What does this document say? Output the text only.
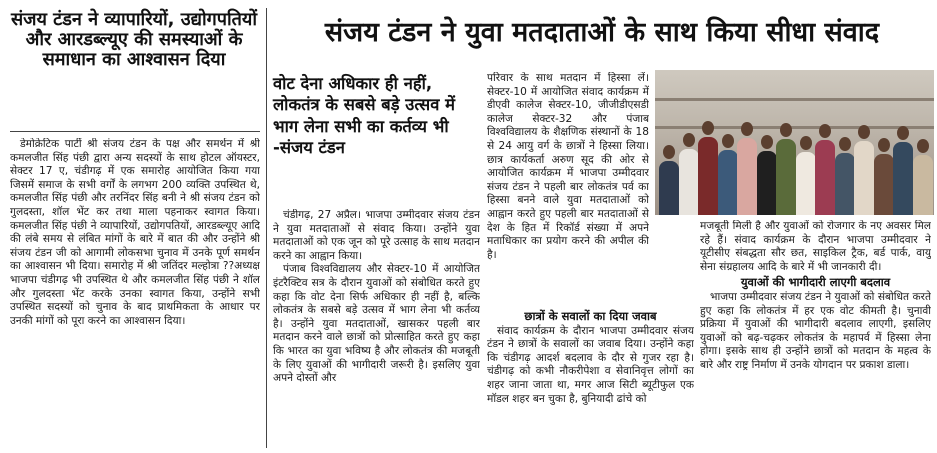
संजय टंडन ने व्यापारियों, उद्योगपतियों और आरडब्ल्यूए की समस्याओं के समाधान का आश्वासन दिया

डेमोक्रेटिक पार्टी श्री संजय टंडन के पक्ष और समर्थन में श्री कमलजीत सिंह पंछी द्वारा अन्य सदस्यों के साथ होटल ऑयस्टर, सेक्टर 17 ए, चंडीगढ़ में एक समारोह आयोजित किया गया जिसमें समाज के सभी वर्गों के लगभग 200 व्यक्ति उपस्थित थे, कमलजीत सिंह पंछी और तरनिंदर सिंह बनी ने श्री संजय टंडन को गुलदस्ता, शॉल भेंट कर तथा माला पहनाकर स्वागत किया। कमलजीत सिंह पंछी ने व्यापारियों, उद्योगपतियों, आरडब्ल्यूए आदि की लंबे समय से लंबित मांगों के बारे में बात की और उन्होंने श्री संजय टंडन जी को आगामी लोकसभा चुनाव में उनके पूर्ण समर्थन का आश्वासन भी दिया। समारोह में श्री जतिंदर मल्होत्रा ??अध्यक्ष भाजपा चंडीगढ़ भी उपस्थित थे और कमलजीत सिंह पंछी ने शॉल और गुलदस्ता भेंट करके उनका स्वागत किया, उन्होंने सभी उपस्थित सदस्यों को चुनाव के बाद प्राथमिकता के आधार पर उनकी मांगों को पूरा करने का आश्वासन दिया।

संजय टंडन ने युवा मतदाताओं के साथ किया सीधा संवाद
वोट देना अधिकार ही नहीं, लोकतंत्र के सबसे बड़े उत्सव में भाग लेना सभी का कर्तव्य भी -संजय टंडन

चंडीगढ़, 27 अप्रैल। भाजपा उम्मीदवार संजय टंडन ने युवा मतदाताओं से संवाद किया। उन्होंने युवा मतदाताओं को एक जून को पूरे उत्साह के साथ मतदान करने का आह्वान किया।

पंजाब विश्वविद्यालय और सेक्टर-10 में आयोजित इंटरैक्टिव सत्र के दौरान युवाओं को संबोधित करते हुए कहा कि वोट देना सिर्फ अधिकार ही नहीं है, बल्कि लोकतंत्र के सबसे बड़े उत्सव में भाग लेना भी कर्तव्य है। उन्होंने युवा मतदाताओं, खासकर पहली बार मतदान करने वाले छात्रों को प्रोत्साहित करते हुए कहा कि भारत का युवा भविष्य है और लोकतंत्र की मजबूती के लिए युवाओं की भागीदारी जरूरी है। इसलिए युवा अपने दोस्तों और

परिवार के साथ मतदान में हिस्सा लें। सेक्टर-10 में आयोजित संवाद कार्यक्रम में डीएवी कालेज सेक्टर-10, जीजीडीएसडी कालेज सेक्टर-32 और पंजाब विश्वविद्यालय के शैक्षणिक संस्थानों के 18 से 24 आयु वर्ग के छात्रों ने हिस्सा लिया। छात्र कार्यकर्ता अरुण सूद की ओर से आयोजित कार्यक्रम में भाजपा उम्मीदवार संजय टंडन ने पहली बार लोकतंत्र पर्व का हिस्सा बनने वाले युवा मतदाताओं को आह्वान करते हुए पहली बार मतदाताओं से देश के हित में रिकॉर्ड संख्या में अपने मताधिकार का प्रयोग करने की अपील की है।

छात्रों के सवालों का दिया जवाब

संवाद कार्यक्रम के दौरान भाजपा उम्मीदवार संजय टंडन ने छात्रों के सवालों का जवाब दिया। उन्होंने कहा कि चंडीगढ़ आदर्श बदलाव के दौर से गुजर रहा है। चंडीगढ़ को कभी नौकरीपेशा व सेवानिवृत्त लोगों का शहर जाना जाता था, मगर आज सिटी ब्यूटीफुल एक मॉडल शहर बन चुका है, बुनियादी ढांचे को

मजबूती मिली है और युवाओं को रोजगार के नए अवसर मिल रहे हैं। संवाद कार्यक्रम के दौरान भाजपा उम्मीदवार ने यूटीसीए संबद्धता सौर छत, साइकिल ट्रैक, बर्ड पार्क, वायु सेना संग्रहालय आदि के बारे में भी जानकारी दी।

युवाओं की भागीदारी लाएगी बदलाव

भाजपा उम्मीदवार संजय टंडन ने युवाओं को संबोधित करते हुए कहा कि लोकतंत्र में हर एक वोट कीमती है। चुनावी प्रक्रिया में युवाओं की भागीदारी बदलाव लाएगी, इसलिए युवाओं को बढ़-चढ़कर लोकतंत्र के महापर्व में हिस्सा लेना होगा। इसके साथ ही उन्होंने छात्रों को मतदान के महत्व के बारे और राष्ट्र निर्माण में उनके योगदान पर प्रकाश डाला।
